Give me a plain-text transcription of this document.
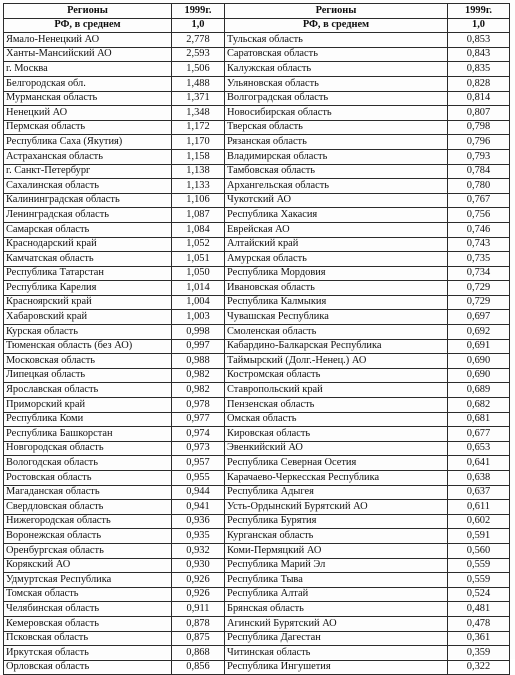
Регионы	1999г.	Регионы	1999г.
РФ, в среднем	1,0	РФ, в среднем	1,0
Ямало-Ненецкий АО	2,778	Тульская область	0,853
Ханты-Мансийский АО	2,593	Саратовская область	0,843
г. Москва	1,506	Калужская область	0,835
Белгородская обл.	1,488	Ульяновская область	0,828
Мурманская область	1,371	Волгоградская область	0,814
Ненецкий АО	1,348	Новосибирская область	0,807
Пермская область	1,172	Тверская область	0,798
Республика Саха (Якутия)	1,170	Рязанская область	0,796
Астраханская область	1,158	Владимирская область	0,793
г. Санкт-Петербург	1,138	Тамбовская область	0,784
Сахалинская область	1,133	Архангельская область	0,780
Калининградская область	1,106	Чукотский АО	0,767
Ленинградская область	1,087	Республика Хакасия	0,756
Самарская область	1,084	Еврейская АО	0,746
Краснодарский край	1,052	Алтайский край	0,743
Камчатская область	1,051	Амурская область	0,735
Республика Татарстан	1,050	Республика Мордовия	0,734
Республика Карелия	1,014	Ивановская область	0,729
Красноярский край	1,004	Республика Калмыкия	0,729
Хабаровский край	1,003	Чувашская Республика	0,697
Курская область	0,998	Смоленская область	0,692
Тюменская область (без АО)	0,997	Кабардино-Балкарская Республика	0,691
Московская область	0,988	Таймырский (Долг.-Ненец.) АО	0,690
Липецкая область	0,982	Костромская область	0,690
Ярославская область	0,982	Ставропольский край	0,689
Приморский край	0,978	Пензенская область	0,682
Республика Коми	0,977	Омская область	0,681
Республика Башкорстан	0,974	Кировская область	0,677
Новгородская область	0,973	Эвенкийский АО	0,653
Вологодская область	0,957	Республика Северная Осетия	0,641
Ростовская область	0,955	Карачаево-Черкесская Республика	0,638
Магаданская область	0,944	Республика Адыгея	0,637
Свердловская область	0,941	Усть-Ордынский Бурятский АО	0,611
Нижегородская область	0,936	Республика Бурятия	0,602
Воронежская область	0,935	Курганская область	0,591
Оренбургская область	0,932	Коми-Пермяцкий АО	0,560
Корякский АО	0,930	Республика Марий Эл	0,559
Удмуртская Республика	0,926	Республика Тыва	0,559
Томская область	0,926	Республика Алтай	0,524
Челябинская область	0,911	Брянская область	0,481
Кемеровская область	0,878	Агинский Бурятский АО	0,478
Псковская область	0,875	Республика Дагестан	0,361
Иркутская область	0,868	Читинская область	0,359
Орловская область	0,856	Республика Ингушетия	0,322
